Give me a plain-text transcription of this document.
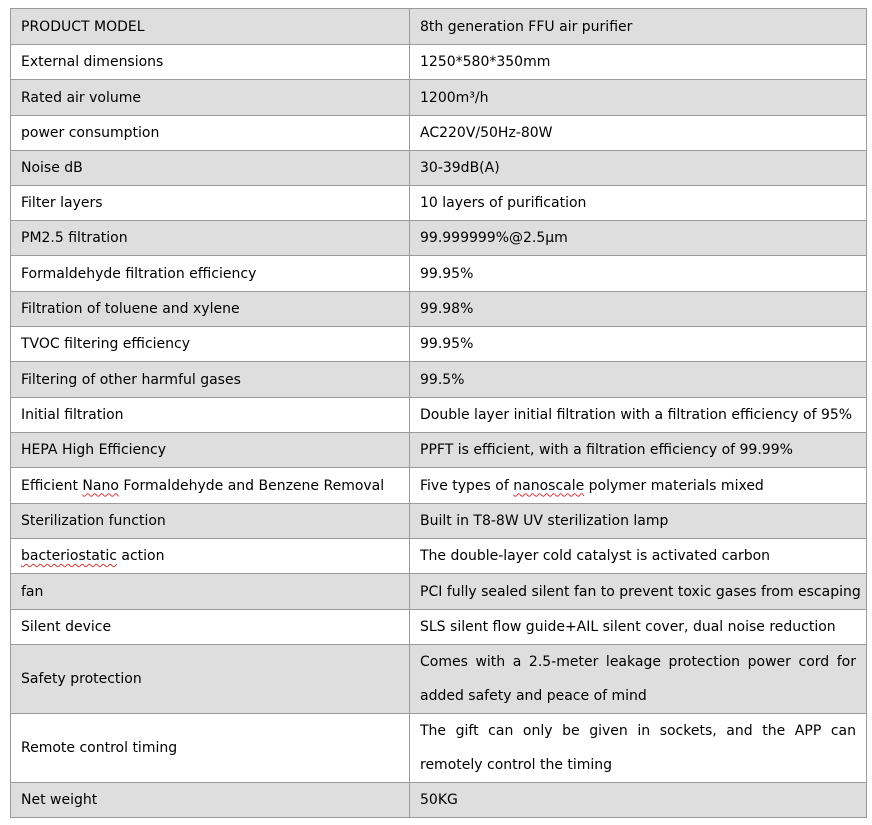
PRODUCT MODEL	8th generation FFU air purifier
External dimensions	1250*580*350mm
Rated air volume	1200m³/h
power consumption	AC220V/50Hz-80W
Noise dB	30-39dB(A)
Filter layers	10 layers of purification
PM2.5 filtration	99.999999%@2.5μm
Formaldehyde filtration efficiency	99.95%
Filtration of toluene and xylene	99.98%
TVOC filtering efficiency	99.95%
Filtering of other harmful gases	99.5%
Initial filtration	Double layer initial filtration with a filtration efficiency of 95%
HEPA High Efficiency	PPFT is efficient, with a filtration efficiency of 99.99%
Efficient Nano Formaldehyde and Benzene Removal	Five types of nanoscale polymer materials mixed
Sterilization function	Built in T8-8W UV sterilization lamp
bacteriostatic action	The double-layer cold catalyst is activated carbon
fan	PCI fully sealed silent fan to prevent toxic gases from escaping
Silent device	SLS silent flow guide+AIL silent cover, dual noise reduction
Safety protection	Comes with a 2.5-meter leakage protection power cord for added safety and peace of mind
Remote control timing	The gift can only be given in sockets, and the APP can remotely control the timing
Net weight	50KG
